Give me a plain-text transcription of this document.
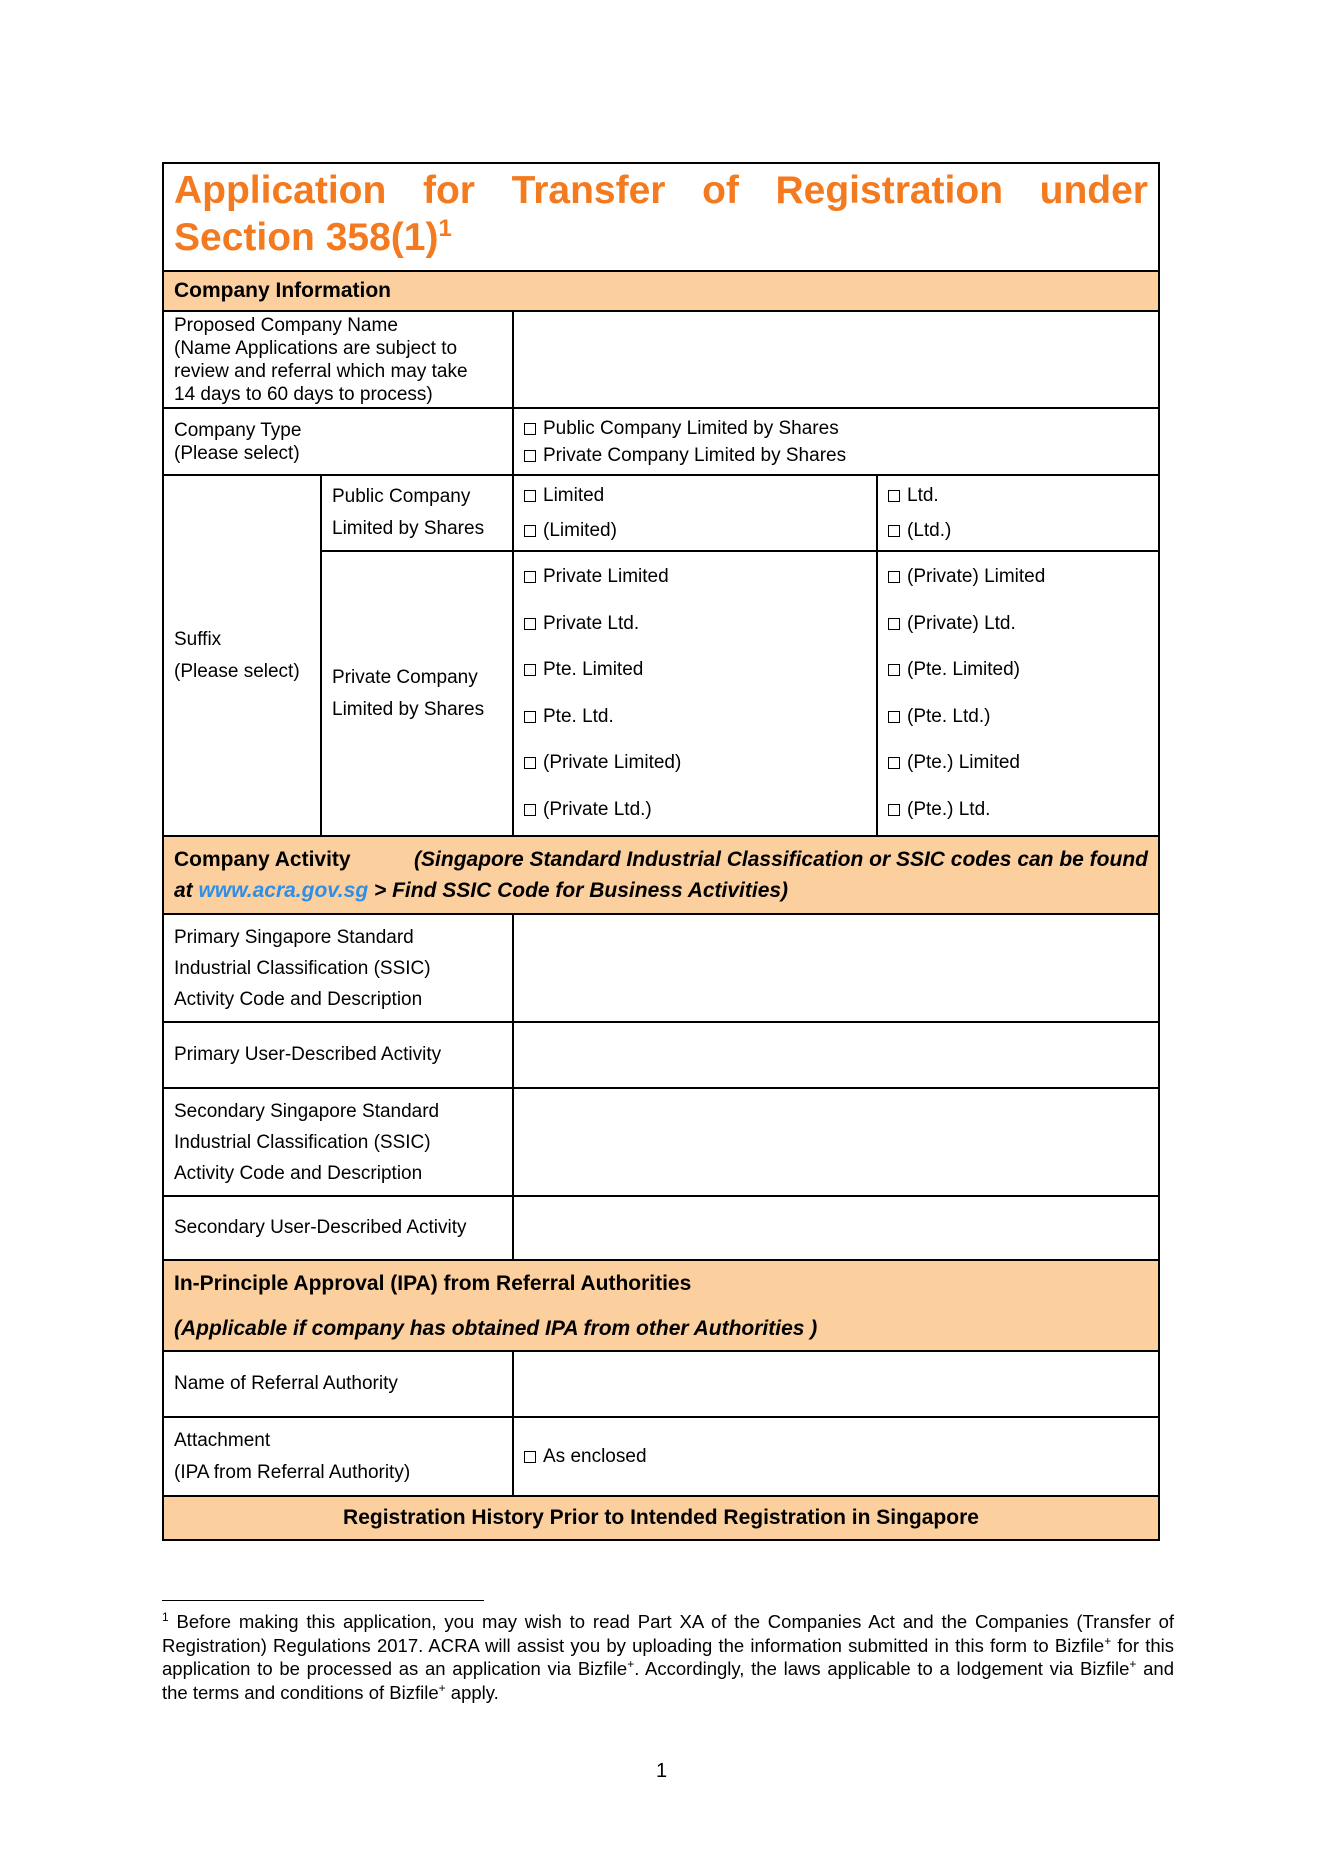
Application for Transfer of Registration under
Section $358(1)^1$
Company Information
Proposed Company Name
(Name Applications are subject to
review and referral which may take
14 days to 60 days to process)
Company Type
(Please select)
Public Company Limited by Shares
Private Company Limited by Shares
Suffix
(Please select)
Public Company
Limited by Shares
Limited
(Limited)
Ltd.
(Ltd.)
Private Company
Limited by Shares
Private Limited
Private Ltd.
Pte. Limited
Pte. Ltd.
(Private Limited)
(Private Ltd.)
(Private) Limited
(Private) Ltd.
(Pte. Limited)
(Pte. Ltd.)
(Pte.) Limited
(Pte.) Ltd.
Company Activity	(Singapore Standard Industrial Classification or SSIC codes can be found
at www.acra.gov.sg > Find SSIC Code for Business Activities)
Primary Singapore Standard
Industrial Classification (SSIC)
Activity Code and Description
Primary User-Described Activity
Secondary Singapore Standard
Industrial Classification (SSIC)
Activity Code and Description
Secondary User-Described Activity
In-Principle Approval (IPA) from Referral Authorities
(Applicable if company has obtained IPA from other Authorities )
Name of Referral Authority
Attachment
(IPA from Referral Authority)
As enclosed
Registration History Prior to Intended Registration in Singapore
$^1$ Before making this application, you may wish to read Part XA of the Companies Act and the Companies (Transfer of Registration) Regulations 2017. ACRA will assist you by uploading the information submitted in this form to Bizfile+ for this application to be processed as an application via Bizfile+. Accordingly, the laws applicable to a lodgement via Bizfile+ and the terms and conditions of Bizfile+ apply.
1
